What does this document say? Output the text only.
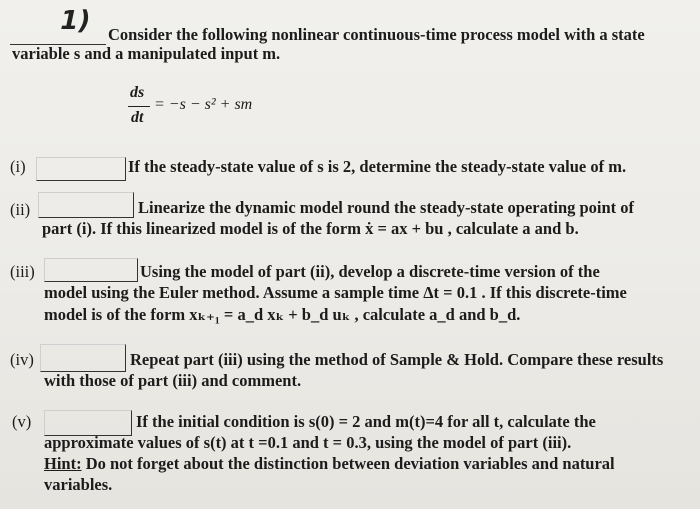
1) Consider the following nonlinear continuous-time process model with a state
variable s and a manipulated input m.
ds
dt
= −s − s² + sm
(i)	If the steady-state value of s is 2, determine the steady-state value of m.
(ii)	Linearize the dynamic model round the steady-state operating point of
part (i). If this linearized model is of the form ẋ = ax + bu , calculate a and b.
(iii)	Using the model of part (ii), develop a discrete-time version of the
model using the Euler method. Assume a sample time Δt = 0.1 . If this discrete-time
model is of the form xₖ₊₁ = a_d xₖ + b_d uₖ , calculate a_d and b_d.
(iv)	Repeat part (iii) using the method of Sample & Hold. Compare these results
with those of part (iii) and comment.
(v)	If the initial condition is s(0) = 2 and m(t)=4 for all t, calculate the
approximate values of s(t) at t =0.1 and t = 0.3, using the model of part (iii).
Hint: Do not forget about the distinction between deviation variables and natural
variables.
